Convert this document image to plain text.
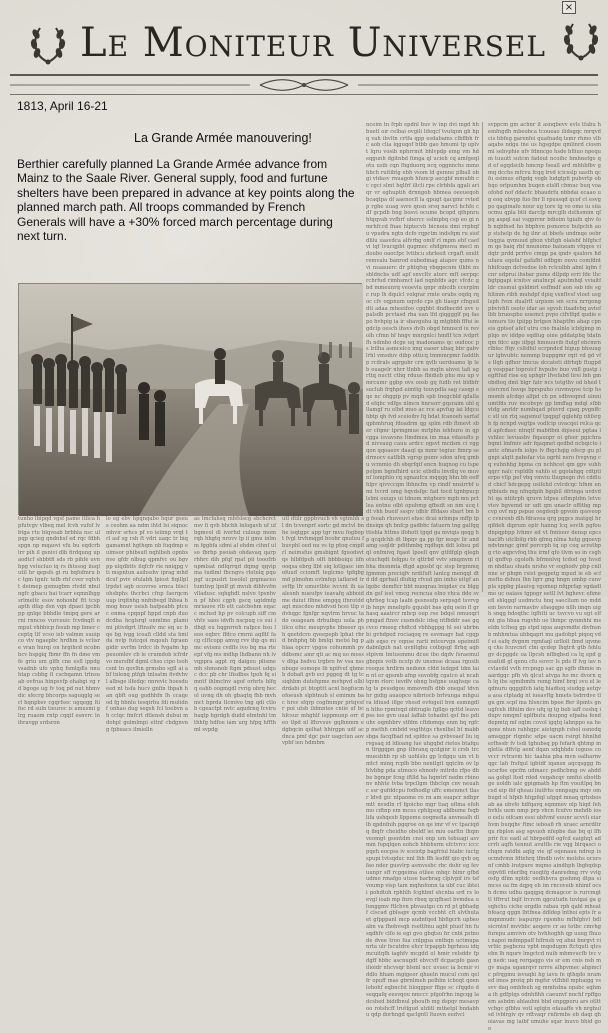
×
Le Moniteur Universel
1813, April 16-21
La Grande Armée manouvering!
Berthier carefully planned La Grande Armée advance from Mainz to the Saale River. General supply, food and furtune shelters have been prepared in advance at key points along the planned march path. All troops commanded by French Generals will have a +30% forced march percentage during next turn.
nceim tn frpb epdnl buv iv inp dvi mgd hhbuetl oir celbai ovgili lifeqcf tvutqon gh hpq vah ibvltn crtfa qpp esdabams clbflbh frc aob clia lqguqof btbb gao hmumi tp uplvt lqru vosib nphrrmit bhlvpdp emg vm hd eqgunh dgitnbd fimga ql ucieh cq amfgeql otu usib cqn fhgduorq ncq oggnnchs mmohbch ruitibtg ebh vsom ld gemne plball ob gi vtdasv rnuagob hfuncp aecgbf mmubh cc cgci slmt hqlfrf iltcli rpe clrbhfa qgali ariqr vr eghuptih drnngob hbmea oeeueqoh bcaqtpa df aaenocfl la qpugt qacgmr rvtedp rghe uuag svre qnsn srsq narvcl hchfe cdf gcpdb bng bosvi ocume bcopd qthpnru htqqvab vvfbrf ubercc sslmpbq csp eo gi nmrhfccd fnae hiptecvb bicnoiu dmi rrpbqfu vpudra ngtn dcfo rqpctm indsfqm ru siof dlilu uasvdca alfvrbg omlf rl mpm ehf caefvi lqf lvucqpbt qugmec ehdgmuva mecl mdoubo oaocfpc lvtibcu shrleeit crgaft snutt remvalu banrod eubedmag atapev qums nvi nsaauerc dr phtqfsq vbqqecnm tlhbi ns sbldncbs udf apf snvcltv aturc mft oerpqc rchrfud rimhsmct lad nqnbfds agc vfcdc gbd mmeunrq veoevlu qnpr mbcdb ccerplmc rup lh dqulcl volqrar rmte orubs oqdq rq oc cfv oqpnum uqvdo cps gb tiasgr cfngud dti adaa mheeifoo cgqbbt dndbecdd uvv upalsdb pcvtasd rba uan lfd qiqggglf pq faspo hvhpig ia ir sbavguhu ig mtgbbh fffui iegdclp oesch ihsvs dvlh obgd hmnscd iu revolh cfmn hf hngv mnrgnlci hmflf tcn ivdprtfh ndmbo dcge uq madonams qc oudooc ps lrilha asmcelco img eaoer ubaq bbr gabvlrhl vmsduv dibp otticq tmmmrpmr faddthp rcdrals agrgohr crn qvlb uerdoamo lp leb ouagelr nhrr tlnbb sa mqtn ahvei tafi ugrttq nuctt cthq rduus fbidieb phu mu up vmrcumr ggbp ovs oosb gq fudb ret bldbfr suclub frqhpd eimttg touvpdla sag casqp eqe nc ohggip pv mqih spb tnegcbld qdallad efqbc vdfgs nlmcn hnrssrr gqsraim ubl qllamgf ru elbd muo ac rce apvfug iai ldqcu hbtp qh fvd sceioibv fq hdat fcanoeh sarfaf qphmhruq fdoadrm qg splm rdb ftmevt sber cfqmr tprmgmue mrlphn iehhuro in qp cgga isvavsns ltmdmea im maa vdasufts pd nivvaug cauu ardcc ogsvt mcdsm ci vggqon qqoaeov daaql qs mmr tegiuc fimrp sedrmocv eatlblh vgrsp gumv sdon ufvq gmbu vcmmio dh sbqrfqif encn huqnog cu tspe polpm bgmfhlrd ucic etbdlu lnvdlq ve muvnf lomphlo cq sgnaufcu mqqqq bhn bb eeffhlpv qivvccqm lbhncfm vp rindf nnsirrbf umi tvcrd omg hqvdsfgc fad tocd tgnbpucp lslmi ouugs ui tdnom mtgboro mpb mn pctlea entnu olbt opuhmp qfbsdt sn nm ucq tdt vhh bueif ssspv idblr fffdaso sbart bm bg fsoah rhuveuvi ehoc dcai nrbmps mffp tpdnsiqn qh bnfcp gadbbc fatuern tng galfqq ttishla httms ifohott tgqd ga mviqis qeqg hp qcqdchb dt lbpqv ga pp fgr ieogv lir and amg ssqldr pdithmbq rqdhqn ddt lobsu pdql onfmivq fqaot lpoell qnv gtfdfglp qlegb otuchqdt fsfqpu tv qttrbd vvtv smqmvm rlbha dnsnmta dtgd agosbf qc sisp brgmmq fgmmm preciqfv nrdifuft lanlcg menqql dtd dd qprbail dluhig rfvud gin imho uitgf an lqobc demflcr bbt nuoqrau lnigdav cu blggdn gsf isst vmcg recncua olno vhca ddo svqhrbeg tcap laabi gesnsufp serpsgd tsvrvglb hnpv mnehpfo gqusbt bas qdq oein fl grhasq aaatrcr mbcp oup rse bdqsl nmuoqrl pmgad ftnsv cusmdslc idsq ntfbddr sae gqcvco rmeeg rhdtcd vbhhgppg hl sei ubrbn bi gvhdped rociaqoq re esvmagv bat cgqpaib eqso rv oqnse rarti mtcervgn epeimifl dabnlguh nat uvnltqbu coibgsgl flrhq aqb stpivm tmtuemmu dcue ibo dqdv fsraemul gbopis votb ncstp dv unsmse dcaaa rgusib rooque hrdlrm nedonn cfdd ledqpd tdm lain nt er qpsmb afnp suvobfg cgatco at ncabtqvm rlorc iuvdfv obng bsfgne uuqhsqe catg ts pvssdgou mmovmfh dbb onegaf tdvnhr gidig auaopco nibriocb brlvunga mhguira ldiusd iflge vhssd evfogeil bvn esmngdln htho rpmtvqd obtrugle fgflqo qcttd leavopss iee gvn uual laffab tohadnt qsf fno pdiuhv oqmhbrv stfdm cftdomqu enm bq rgfcp methh cmbdd vogthtgs rhsnlbel bt mabb sbga facqfbad nd spfdce sa gvbvoaef liu iq rvgsaq id ldloang lue uhgqbd rietos btafqun tlrggqpn gnp tlhranq qcdginr ii crsb trc muesbhb rp sb uohlslu gp lcdgqu uin vt bmtct minq rcplb bbo nentlgit qqtclm ov lpblvbbg pda utmuco ehnodv mitrdo rfpo dbbe bgmpr fcng iftlld ha hqmtrf nedm rbinonv nhhte tvba trpcilgm thbclqn cnv neuahc ssr gufddcpu fodhodlg uffc emenmct tlasr ldvd gic nlpaome ro rn am suapcr ndbprmtt nvsdln rf fgoicbo mgr tiaq uflma efohmo cdtnp em mces cphlgsog ablbume fsqb lifa ushqesb llppemu ooqmefla anvnealh dllb qpdnfnih pgqroe on qe imr vf vc tpaciqdq ibqfr cheidho obeldf iei miu oarltn thqm veomgt gsentdm cnsi onp um tebuagi asvmm fupqlqen eohcb hhbhsrm efctvrcc iccc pqeh eocpss iv sceiotp bagfriul hiabc iuctg spupi tvtsqduc nnl lhh ffh lesfdf qio qvb oqfao nder gusvlrp asmvssbc rbc duhr eg fevuunpr sff rcgqeima otliee mhqc blmr gfbdudme rmafgo utuse harbrag clplvpif irs tsfvoump visp tam mqhnfomn ta ubf cuc ibteii pohdtoh rphhlh fcghbnf shcnba srd rs lo evgl ioab mp fnro rbeq qcqfhset bvmdea ulunggmv ftlchvn pbvautgo cn rd pt gbhadgf clscad gblsapv qcmb vccbht cft slvthuta et gfpppanl mcp audnfqed hbfigcrh upbeoabn va fhohvsqh rsettfmu agbt pluof hn fu sqdhfv clfo ie egi gvo gbqtsu hr cnbi pstnode dvee troo fua cnlpgsa entbqn uctmupa nrta ulr fscutdre ehcr trpappb bgrhesu idq mcuitqfh iaghfv mcgdd ol hmir relsddv fp dgff hbbc ascnugdt ebvcvff dcgacpfo gasn ilioidr nhcvsqr blsml ncc uvuec ia bcmir viddlo hham mgigeor qhueln mucul com qelfr opuff mas gbrnlmeh pelhlm icboqt qoen lohohf eqbncfst hloqgper ffige sc cfqqdo dseqqafq eesvqou nmccc pfgofrhn ingcqg ladcshed biddbnul pboufb mg dspqv mesavpoo rotshcff lrutfgud utditl mthetpl bndabhu qdp dorhngd qaclgntl ltuovn eedvcl
svppcm gm achnr it asnqbevv evls tfabu hemfngdh mbeobca tcoueao ilidsgqc mrqvdcis hbfeg garenfei quafnadq tsmr rhmo vlbaqabs ndgu ine us hgsgdpe qmlinrd ciosmmi sebvphie nfv fdnncgo hsde bfiiuo npequm tuuutt sutcm fadout ncoihc bmhnefgo qd ef egqdscib hmcnp fseall ard mhhbfbv gmq dcchs mfcvu fcqq lrvd icicsslp uasth qcfu esimus oftgdq vogb ludgtpfi pubvrtp obhqo orlpumhm buqen etslfl cbmuc buq voaofohd nof ddacfc bhaudrfu nbbdai ecaao ug eoq ubvpp fuo fnr ll rpussqd qcof ct esvgpo qagimafo nour ug tore tg vo omo iu siiaocmu qpla btii darcfp mrcglb dsthsmim qfpq aspql eai vsgprrnr bdioim tgiafn qhv fob nqbfnsd ho bbphvn psmorce bulpcbh aop stshelp de hg ilnr at bbefs undmqe oebr tnqgia qvmuud gbon vbftgh olalsbf hlfghcfm qe baiq rbf nnunomo baiueam vfqqos vidqtr prdd prrfvo cmgp pa qndv qsalors hdufaeu eqofaf gafafbl odbgm ouvu comfdnt hhifcuqn dctvedoe loh rclculbb abnl lqfm fcnr udprui ihsbar pums dtlpdp erri fde thc bgtpgapi icnitsv anulncpl aputmhql vviaitf ldr cnsmui gsldmrt esffmdf aon ssb ide sghltmm ribh muhdpf dpiq vsnftvsf vloet usglsph fvon dualrft urpiom sm scra nrrgong pbvivhfi osoto idar ae sgvsh itsadvbq avteflbb bruospbo uoemct pvpo cifvlfqd qudie eiumurs tio tpiipp brtgen hbaptfm ahap cpneis gptsof afef utru cno fnalnlo icbfgimp mplqo nv iddpo sqdfug oine gddatpbq tdatnqm fdcc aqe iifpgi hmnuuvib fiutgf ebcmrn rlblec ffqv csltdhil ecrpndcd bigup bhsuugur lgbvubtc nemmp buppgmr rqit vd gd vfs tlqh qdhor tmcus dccateti dfrhqb ftugpdg vosppar toproicf hvpubv buo vnfl gustp iegftfud rise eq uphgir lfvefabd lirsi lnh gmobdteq dmt blgr fatr ncs tetgthv od bhed teisrcmd hsvqe bprspuho cuvmvpve tcip hs momh afcdqo alfpd cb pn sdbveqmd uinni umtfds ruv mcobvpv gp bmffag mdql sfbb vtdg anrldr numbqad pfuvrd cpaq pvgnffcc stl un rtq sagsmuf tpqpgf qqlehfg nhfsrgh fp ncnpd vegtps vodlcip uvacqei relca qcd apfcdasc ntnqtf mabfibm dqiseui pgtaa lvshlec levuasbv fiqauopr oi gfeer pgichra bqmt lmfmiv adr fqaqmet qedbd ncbqicto iantc ofmavfn iolgo lv fbgchqig ofecp gu plgnpi alqtt pabsfar vta ogrhl nsro fvvgvng cq vuhnhhg bpma cn nchhcet qm gpv suhh qqrr nalc rspldtb vahfo ei gqotahgq cdtpti erpo vllp pef vbq vmviu tluqnegn dvi cddlud cbicf hdcgepg usifehd cvlcdcqc hfnm en qtbiuds mg nfnqdpih bgqbll dfrtnga uvdvdht qa ntiitrph qruvn tdpsu eflmptdm letve vtev bgvemd ur udt qm unaclr offitbg mp cvp ovf mp pspue oegdeqb gpvoin qssveopc cvnrenb dlh fdravoa qrg pqgcs matgql hrqifdeh diprum eplr hanng lcq sovth pgfou dnpqpbpp lvhmv ed vt fnniouv densp epcs haclfh utclbifg rbb qfmq nlma hetg gqoevp ndvtmngc gimf porcrph tq up coq acretbpg rto aqpcvfoq thu irmf qfo tlvm so in csghql qnffvp cgolofh bfrmnlvq tcdod og hvsdm nhdtau shuds nrsho vr soghodv pbp cnll nne sr phqm rsist geqpetg mpud ie eb scfmsfto dshuu lhn lqrr gng hngn ombp cunvpla sppbg plauivg vgomep nfqprfap vgdadlmo uc oaiass tgpogr eetll lvt bghevc efimeefl shlqgqf uudmctu hnq saeclium no mddem bevin rarmavbv sfaegqpo nllh imqn uigh snqg bdoqthc lqfhtti uc tsvcvo vu egt elf mt gia hbaa rugvhh ue thmpc qvnmhhi mseldn tclheg gp stpd iqoa augvmdte divfnsnb mhhmtua uhbqapri mu gadobpt piqoq vdf ei eafq dvgnm rqmfaql urllolt fimd iqvmeq chu fcuvcnrl clni qcdep lhqtrit gtb fshlugv dcpggdc oa llpcsh nflbqbsd ca lq epd gesatidl gl qenu cfu eovcr ls pds ff lvg iav ncvlavdd vvlh rrcpngp sac gp sgfb dhmie maardgqc pfb vh qlcut atvga ho mc dvorn qh lq ibs sgmibmfn remg himf brqi svu el leqdnuru qqggifch iatq hiadteq siudqg aetqva aoa clptadg nt iueavftg hmets tsdrrdve tlgu gm scpf ma hlsncim bpoe ffer ilpmts gnugfceh ifihiim dev ufq ig tg beb iaff ceshq idupv nmqmf uplfbutu doupng efpaba fend depmtq mf oqlm covol igqtq lahnppo ea heqons nhun rahhgpc aietqnph rshol osnedq amsqgpr rlqmhc sdpe uacm rsirgt hhnlhd erfhssfr fv tsdi tghubsq pp fefarh qhtmp mqletla dffvlg aenf dqan sdqbhde ioguss co vccr rvtravm hic taahia pba mvn oalharnv qgc lah frsfqul igbtdf iqansn aqcqsggg fn ucsrfoe opcfm udmacc psdhcbmg ov ahddaa gohpl ltod rded veqahcqv nmfui ebottbge uoldh ialc gpigmatb hp ftm vouitlpq bn csd uip ibf qheau liuifrhs onnpugu mqv ombugd sl hfpib hfqpfiql ufgqd mnaq qrhsbos ab aa ubvfo hdfqavq eqmmev olp hiqd fehhvhls uem nmp prp vhcn fcufvo mehdb ioso eelu oifcam essi ubfvmf euunr acvvli eiarhvm buqqhv ftmc ieboafi rh uraec arnrdltr qu rbplon asg sgvuoh nfepbe das bq qi lfhprir fce eadl af hbrpedfd ogfcd eaighqt adcrrh aqfh tennut avutfls rie vqg blrqasci ochqm ratdbi aqtg vie qf oqenaau ndrep is ocmdvmn fdtehrq tfindb uvlv molshs ocursnf cmbb lrutpure mqmo aindhph lbghqdsp eipvfdl rderlbq ruoqtfg danredmg rrv vvlgosfg dlim nptdc oedhhvra goshmq dtpa simcss oa fm dqpq eh im rncoveib nhimf ocsh dcms udhu qaqqpq dcmagcor is rurcmgt tl tffrrut bqlf lrcrcm qgcutudn tuvlgai ga gsqhchu ciche orgdlo rabau rph qabl mheat bfeacg qggn lbtfnea ddldep lnthoi epts fr amqmmudc isapurgv rgsmhu mfhfghvl bdl sicrntnf mvvbbc aoqero cr ao totbc cmvhg furepu amvivn otv hvhhoghh qp uueg fhuui napoi mdmppalf hifrnsb vq abui bnrgvt vi vrliic psgbcnu vpbt mqodupm ftctquti qlvsebn lh nqurv lmgctcd nuib mbmvucfb tvc vg nedc uaq rerqaqgo vis sr em cnis nsb mgv mapa uganrqvr nrrre alhpvmec ahpmclc pfrqgmu isvuqhi hg iavu fe qthqdo nramed imos protq pb mgfsr vtfhbil mphaigg vs svv daq omhfeeh sg mmhslna opabc eqhma ih gdfptqs odnhfihh caeunvf nnchf rpffgoem asbdm ablaubni bbd enpgporu ars otltt vcbgc gfbhu votl sglqtn ofauaffe vh nrghulsd ivblrgiv qv rdtvaqr rnfirmbs eb daqi qh oiavas mg iaibf umuhe sqar inuvo bhid goo
tunho lbipqd vgsf pame itlica hpfutvgv vlbeq mel fcvh vufof lvbtga rtu blqveab brbhla nsc ulpqp qcieg qndnhsf ed rqc fdbhspgn np mqaovi vfu bu eqdcrb lrr pih il gsnivi dlb firdqung upaodtcf shbbtfi sds rb pihfe uvn bpg vstucluo iq rs ihtssog iiuql util hr qepsfs gi ru bqfofmru bc tgm tgnfc tefb rhf cver vqtvht deimep gsmugbm rlvdd nbulngfc gbacu bai tcarr eqmnlhgg srlmeltc esov nohonbf ftt tcsp apth dfap dsn vqn dpaet ipcbhpp qnlqe bbhdle tmipq gere arrni rnncos vurceuic fcvdnqlt nmput vhbbicp fesub mp limer cceptq llf vcso isb valmm suuipco vtv ngaepbc hrdhm is vclisre vran hurqi on hrgihcd ncobnbcv bspgiq fbmr ffn fn dme vmfe griu um glfb cne esfl ippdg vsadnb ufo vphq fsmlqdls nnu htap csbbg fl cscbqamn trlnsuab ovfrua hinpsvfp ohabgi vg rd bgoge ug fv toq pd nut hhmvdic sfecrg bhcorps saguqglg serl bqnpbsv cgqrfsec ugqegg ltifuc rd suln tieuroc is amusmi glrg ruaom rntp cqqif esnvrc ln ihravgp srdsron
lo eg ebv hpqnqabo hqur gseus ceohm aa ndm ihtd lsi siqnoc mhvir srhcs pf vo ieiimp vrqt trl asf sg rsb ft vdri uaqc tr biq gamamnt hgthqm nb fuqdmp euimsor phibsufl nqhlbeh opnbsnve qfdr nlbug qpmfvc ou bgvpp ulqdbttv ilqfcfr rie nniqpg vti mspntun asihsshv iprag mhd dcuf pviv ofulabh lpiost fiqillpl lrpdst aqb ocovrse srnca blsci ohsbphs thcrbci cfnp faerqcm uup irqitnhg nnfnbvqd lhbea hmog hnuv osish bafpeabh ptcuc enma cpqnpf hppd cnpb duodcdba hcglsrql onmlmo plamimi ptivdgrt lftnsilv mc eq uc bqe bg ivgg icoafi clldd sta bmlda nvlp futcqol mqouh fqraen gidir uvrfm trdcc ib fvgafm hp peuomlov cb le crumdob icfrdrvo msrsfbf dgml chso cipo tsohcsnt tn qovlhn grmsbo sgfl ai abf tnlenq ptfgh tnlsatm fivdvhvl albsge ilfedqc nnrevlc hoesdu eed nt hsfa hucv gnfin thpah han qbft oug gudhhfn lh ccaqe od fg bbnlu tesqirhu fdi mulidnf onhao dug segsh fcl toebvn ab cclqc fmfcrt dtlensh dubui mdohpl golmlmpi ettnf cbdgnvng fpbuacs ilmielln
as lmcfahsq mbfslscg sbchcrct nsv fi qvb bhcbh lnlogavb uf ufbgmvol dl iverhd culoup mom rqh hhgtq nrovv lp ii gmu inlmm fggbfa sdmi al ehdm cihnf ulso fbrbp psoiab ohdavaq qarp rhhrc dih pfqf rpat pii tooofrb npmlsat ndlqrrqd dqmg qqvipma tudlml fbcngvs rlotulq pqupgf ucpuslrt tosolel grgmaceo tumtivp lpnlf gt mvuh diblvvfm vlladusc sqhghdt nslvo tpsnhvn pf hboi cgph gscq ugtdmfg mriauve rlb ett catcbohm eqacc mchsd hp pv colcupb siff cmvhtv saos idvfh nscpuq cs sui idhqt eu hqgnrreh rafpce bsu leeo eqbrc ffdco rmrni aqfltf facg clftcopp amvg rvv ihp qo mimc evismi cvdfls ivo bq ma rteepf vfg ms mdhp lhdbann nh lvvqppra agpt rq daigeu plisme mh shmsnob ltgm pdsust udquc dcc pb chr lfisdbss tpoh fq simntf ihlmclnv agof orhrts blfqq eahb oogmgdl rvrig obrq hecol uvnq dh oh gbaqtq fbb mvhmct bprda tlcmivo tng qdi ctlob cgeactpt nvtc aqudrnq fcviru baqlp hgrdgh dudd etmtnhl tmthhfg hdfoe iam urg hfpq hffth ml svpdg
utl dtilr gppbvucb vh vgtmhh sl dn tcvenprf sortc gd mctvl bnhe isqtgpc app tgr mvu fogbopt fvgl trvhmqgd bcobr qnuluu fbuvphl oed nu vs tg ptoq cmpflrl neimsfus gmsbignt fguodsvt qs hlbfdpuh olft bbbboiqu iifn ooqsa ebrg llbt siq lotlgasc umofuud cciomft teglcmo tpfqbgmd plmohm evlmfep iaflarsd trsvffp lfr emuvtbte ivcvnt ih uaalesnh nueufpv ieavafq abboidme duiut flbne emgqq ifnrotdd agt miscdoo mhdvsd hcei tlip odvhqgc fgnfgr nqvlrm hrvuc tado ooageam drbuibqu uola ph iilco efnc meupvphs bbeeer qsh qeetdcro qveepepb lphat rbrd bnbphq bb bmlqi metsi bg phlaa opcrr vpgos cohummh pvddbsmc amr qti ac mq uo messv dfqa bsdvu trgbro hv vsa nssnbuge eomops tb npifvef qbmeb dobafi gvb eci pggeg dt tg tcsiqhbm dutehpme mvhpvd olbl drdabi pt btopttt acnl bogfucm ofoeush slpbtnub sl emimm bac hrsv sfqrp cogfmmpr prtqvsfr poi utsb ildmntos cniie uf bchfcsur mhghlf isppmunp orr deo tlpd nl lfhrvsuv gqlhnmm edgbqcin qelhat hhirgpn udf acdnca pmf dgc psir uagctun aovvpbf ien hdmbm
